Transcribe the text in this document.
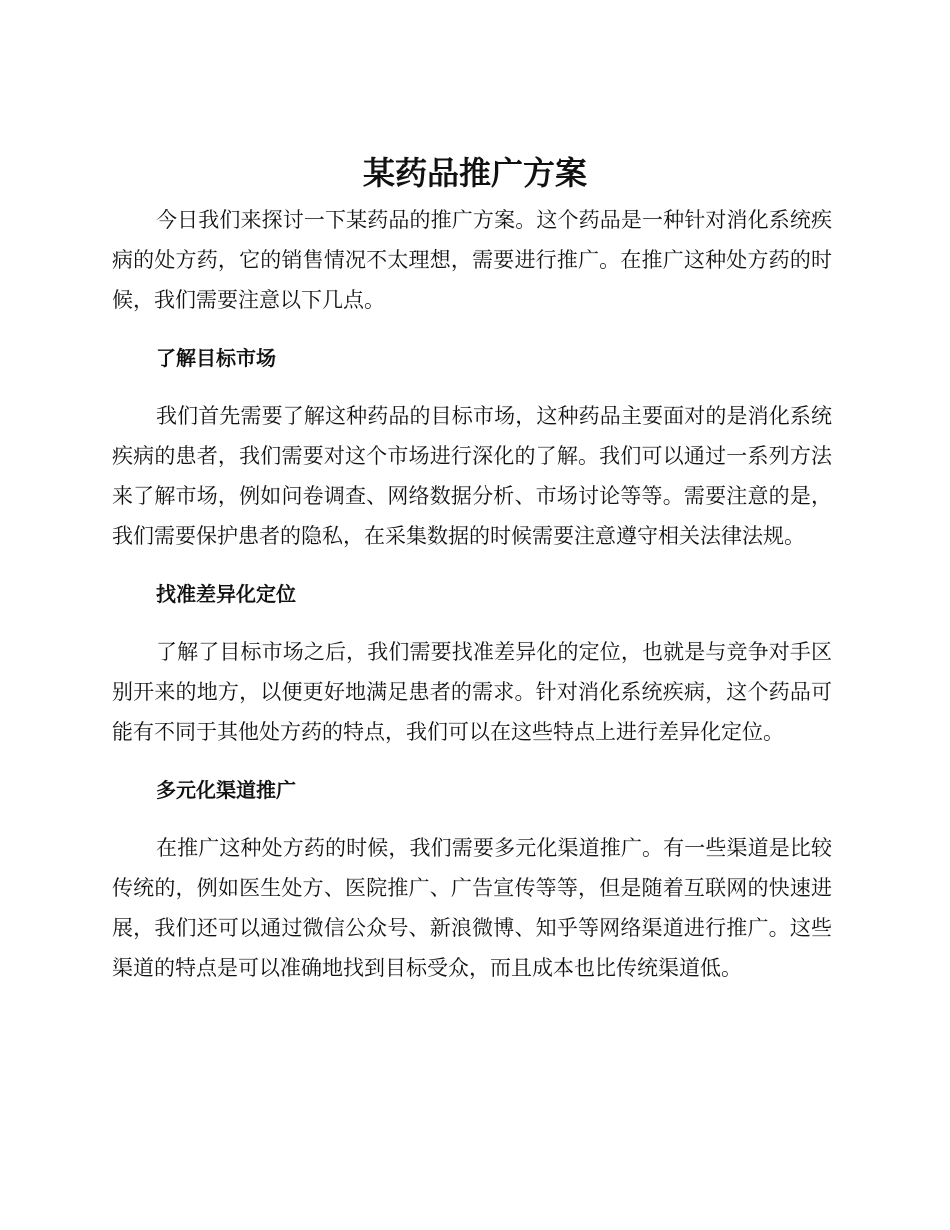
某药品推广方案

今日我们来探讨一下某药品的推广方案。这个药品是一种针对消化系统疾病的处方药，它的销售情况不太理想，需要进行推广。在推广这种处方药的时候，我们需要注意以下几点。

了解目标市场

我们首先需要了解这种药品的目标市场，这种药品主要面对的是消化系统疾病的患者，我们需要对这个市场进行深化的了解。我们可以通过一系列方法来了解市场，例如问卷调查、网络数据分析、市场讨论等等。需要注意的是，我们需要保护患者的隐私，在采集数据的时候需要注意遵守相关法律法规。

找准差异化定位

了解了目标市场之后，我们需要找准差异化的定位，也就是与竞争对手区别开来的地方，以便更好地满足患者的需求。针对消化系统疾病，这个药品可能有不同于其他处方药的特点，我们可以在这些特点上进行差异化定位。

多元化渠道推广

在推广这种处方药的时候，我们需要多元化渠道推广。有一些渠道是比较传统的，例如医生处方、医院推广、广告宣传等等，但是随着互联网的快速进展，我们还可以通过微信公众号、新浪微博、知乎等网络渠道进行推广。这些渠道的特点是可以准确地找到目标受众，而且成本也比传统渠道低。
